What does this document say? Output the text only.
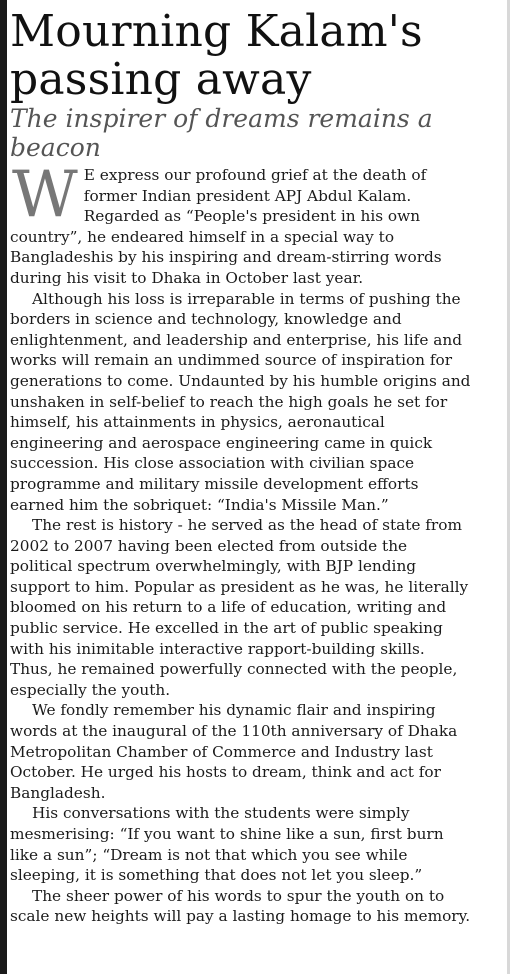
Mourning Kalam's passing away
The inspirer of dreams remains a beacon

W E express our profound grief at the death of former Indian president APJ Abdul Kalam. Regarded as “People's president in his own country”, he endeared himself in a special way to Bangladeshis by his inspiring and dream-stirring words during his visit to Dhaka in October last year.

Although his loss is irreparable in terms of pushing the borders in science and technology, knowledge and enlightenment, and leadership and enterprise, his life and works will remain an undimmed source of inspiration for generations to come. Undaunted by his humble origins and unshaken in self-belief to reach the high goals he set for himself, his attainments in physics, aeronautical engineering and aerospace engineering came in quick succession. His close association with civilian space programme and military missile development efforts earned him the sobriquet: “India's Missile Man.”

The rest is history - he served as the head of state from 2002 to 2007 having been elected from outside the political spectrum overwhelmingly, with BJP lending support to him. Popular as president as he was, he literally bloomed on his return to a life of education, writing and public service. He excelled in the art of public speaking with his inimitable interactive rapport-building skills. Thus, he remained powerfully connected with the people, especially the youth.

We fondly remember his dynamic flair and inspiring words at the inaugural of the 110th anniversary of Dhaka Metropolitan Chamber of Commerce and Industry last October. He urged his hosts to dream, think and act for Bangladesh.

His conversations with the students were simply mesmerising: “If you want to shine like a sun, first burn like a sun”; “Dream is not that which you see while sleeping, it is something that does not let you sleep.”

The sheer power of his words to spur the youth on to scale new heights will pay a lasting homage to his memory.
